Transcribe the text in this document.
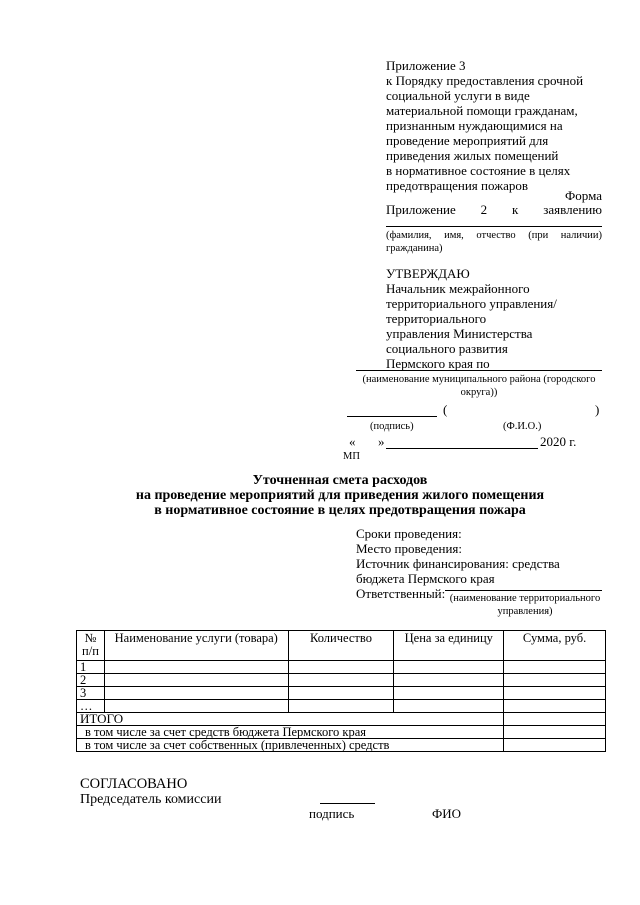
Приложение 3
к Порядку предоставления срочной
социальной услуги в виде
материальной помощи гражданам,
признанным нуждающимися на
проведение мероприятий для
приведения жилых помещений
в нормативное состояние в целях
предотвращения пожаров
Форма
Приложение 2 к заявлению
(фамилия, имя, отчество (при наличии)
гражданина)
УТВЕРЖДАЮ
Начальник межрайонного
территориального управления/
территориального
управления Министерства
социального развития
Пермского края по
(наименование муниципального района (городского
округа))
(	)
(подпись)	(Ф.И.О.)
« »	2020 г.
МП
Уточненная смета расходов
на проведение мероприятий для приведения жилого помещения
в нормативное состояние в целях предотвращения пожара
Сроки проведения:
Место проведения:
Источник финансирования: средства
бюджета Пермского края
Ответственный: (наименование территориального
управления)
№
п/п	Наименование услуги (товара)	Количество	Цена за единицу	Сумма, руб.
1				
2				
3				
…				
ИТОГО				
в том числе за счет средств бюджета Пермского края				
в том числе за счет собственных (привлеченных) средств				
СОГЛАСОВАНО
Председатель комиссии
подпись	ФИО
